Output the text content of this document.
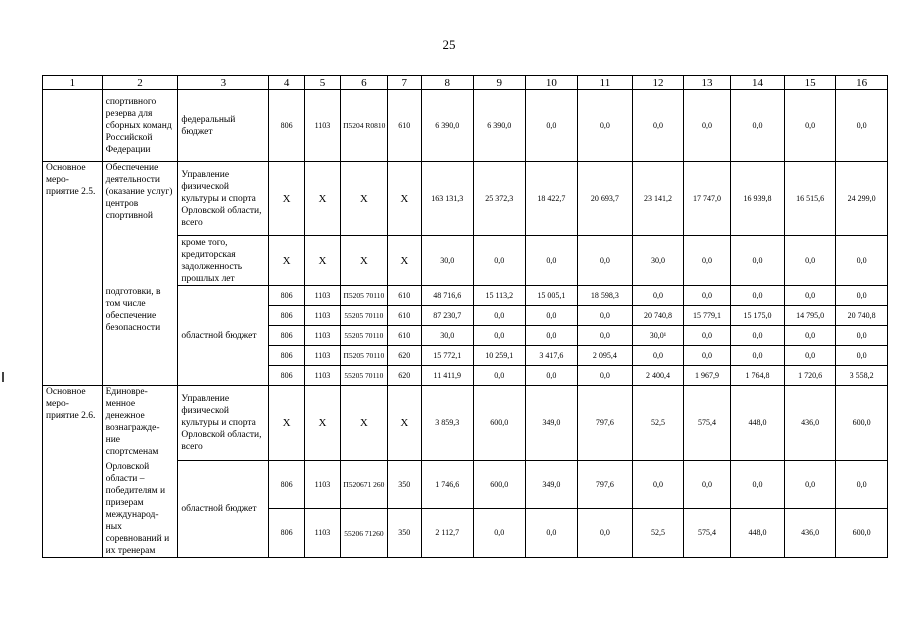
25
1	2	3	4	5	6	7	8	9	10	11	12	13	14	15	16
	спортивного резерва для сборных команд Российской Федерации	федеральный бюджет	806	1103	П5204 R0810	610	6 390,0	6 390,0	0,0	0,0	0,0	0,0	0,0	0,0	0,0
Основное меро- приятие 2.5.	Обеспечение деятельности (оказание услуг) центров спортивной	Управление физической культуры и спорта Орловской области, всего	Х	Х	Х	Х	163 131,3	25 372,3	18 422,7	20 693,7	23 141,2	17 747,0	16 939,8	16 515,6	24 299,0
		кроме того, кредиторская задолженность прошлых лет	Х	Х	Х	Х	30,0	0,0	0,0	0,0	30,0	0,0	0,0	0,0	0,0
	подготовки, в том числе обеспечение безопасности	областной бюджет	806	1103	П5205 70110	610	48 716,6	15 113,2	15 005,1	18 598,3	0,0	0,0	0,0	0,0	0,0
			806	1103	55205 70110	610	87 230,7	0,0	0,0	0,0	20 740,8	15 779,1	15 175,0	14 795,0	20 740,8
			806	1103	55205 70110	610	30,0	0,0	0,0	0,0	30,0¹	0,0	0,0	0,0	0,0
			806	1103	П5205 70110	620	15 772,1	10 259,1	3 417,6	2 095,4	0,0	0,0	0,0	0,0	0,0
			806	1103	55205 70110	620	11 411,9	0,0	0,0	0,0	2 400,4	1 967,9	1 764,8	1 720,6	3 558,2
Основное меро- приятие 2.6.	Единовре- менное денежное вознагражде- ние спортсменам	Управление физической культуры и спорта Орловской области, всего	Х	Х	Х	Х	3 859,3	600,0	349,0	797,6	52,5	575,4	448,0	436,0	600,0
	Орловской области – победителям и призерам международ- ных соревнований и их тренерам	областной бюджет	806	1103	П520671 260	350	1 746,6	600,0	349,0	797,6	0,0	0,0	0,0	0,0	0,0
			806	1103	55206 71260	350	2 112,7	0,0	0,0	0,0	52,5	575,4	448,0	436,0	600,0
